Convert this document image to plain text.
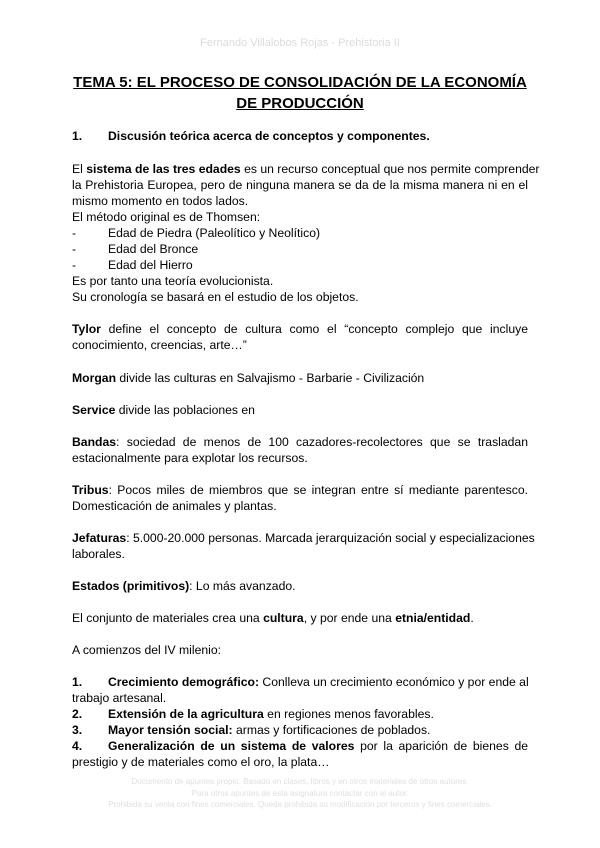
Fernando Villalobos Rojas - Prehistoria II
TEMA 5: EL PROCESO DE CONSOLIDACIÓN DE LA ECONOMÍA
DE PRODUCCIÓN
1. Discusión teórica acerca de conceptos y componentes.
El sistema de las tres edades es un recurso conceptual que nos permite comprender
la Prehistoria Europea, pero de ninguna manera se da de la misma manera ni en el
mismo momento en todos lados.
El método original es de Thomsen:
-	Edad de Piedra (Paleolítico y Neolítico)
-	Edad del Bronce
-	Edad del Hierro
Es por tanto una teoría evolucionista.
Su cronología se basará en el estudio de los objetos.
Tylor define el concepto de cultura como el “concepto complejo que incluye
conocimiento, creencias, arte…”
Morgan divide las culturas en Salvajismo - Barbarie - Civilización
Service divide las poblaciones en
Bandas: sociedad de menos de 100 cazadores-recolectores que se trasladan
estacionalmente para explotar los recursos.
Tribus: Pocos miles de miembros que se integran entre sí mediante parentesco.
Domesticación de animales y plantas.
Jefaturas: 5.000-20.000 personas. Marcada jerarquización social y especializaciones
laborales.
Estados (primitivos): Lo más avanzado.
El conjunto de materiales crea una cultura, y por ende una etnia/entidad.
A comienzos del IV milenio:
1. Crecimiento demográfico: Conlleva un crecimiento económico y por ende al
trabajo artesanal.
2. Extensión de la agricultura en regiones menos favorables.
3. Mayor tensión social: armas y fortificaciones de poblados.
4. Generalización de un sistema de valores por la aparición de bienes de
prestigio y de materiales como el oro, la plata…
Documento de apuntes propio. Basado en clases, libros y en otros materiales de otros autores.
Para otros apuntes de esta asignatura contactar con el autor.
Prohibida su venta con fines comerciales. Queda prohibida su modificación por terceros y fines comerciales.
